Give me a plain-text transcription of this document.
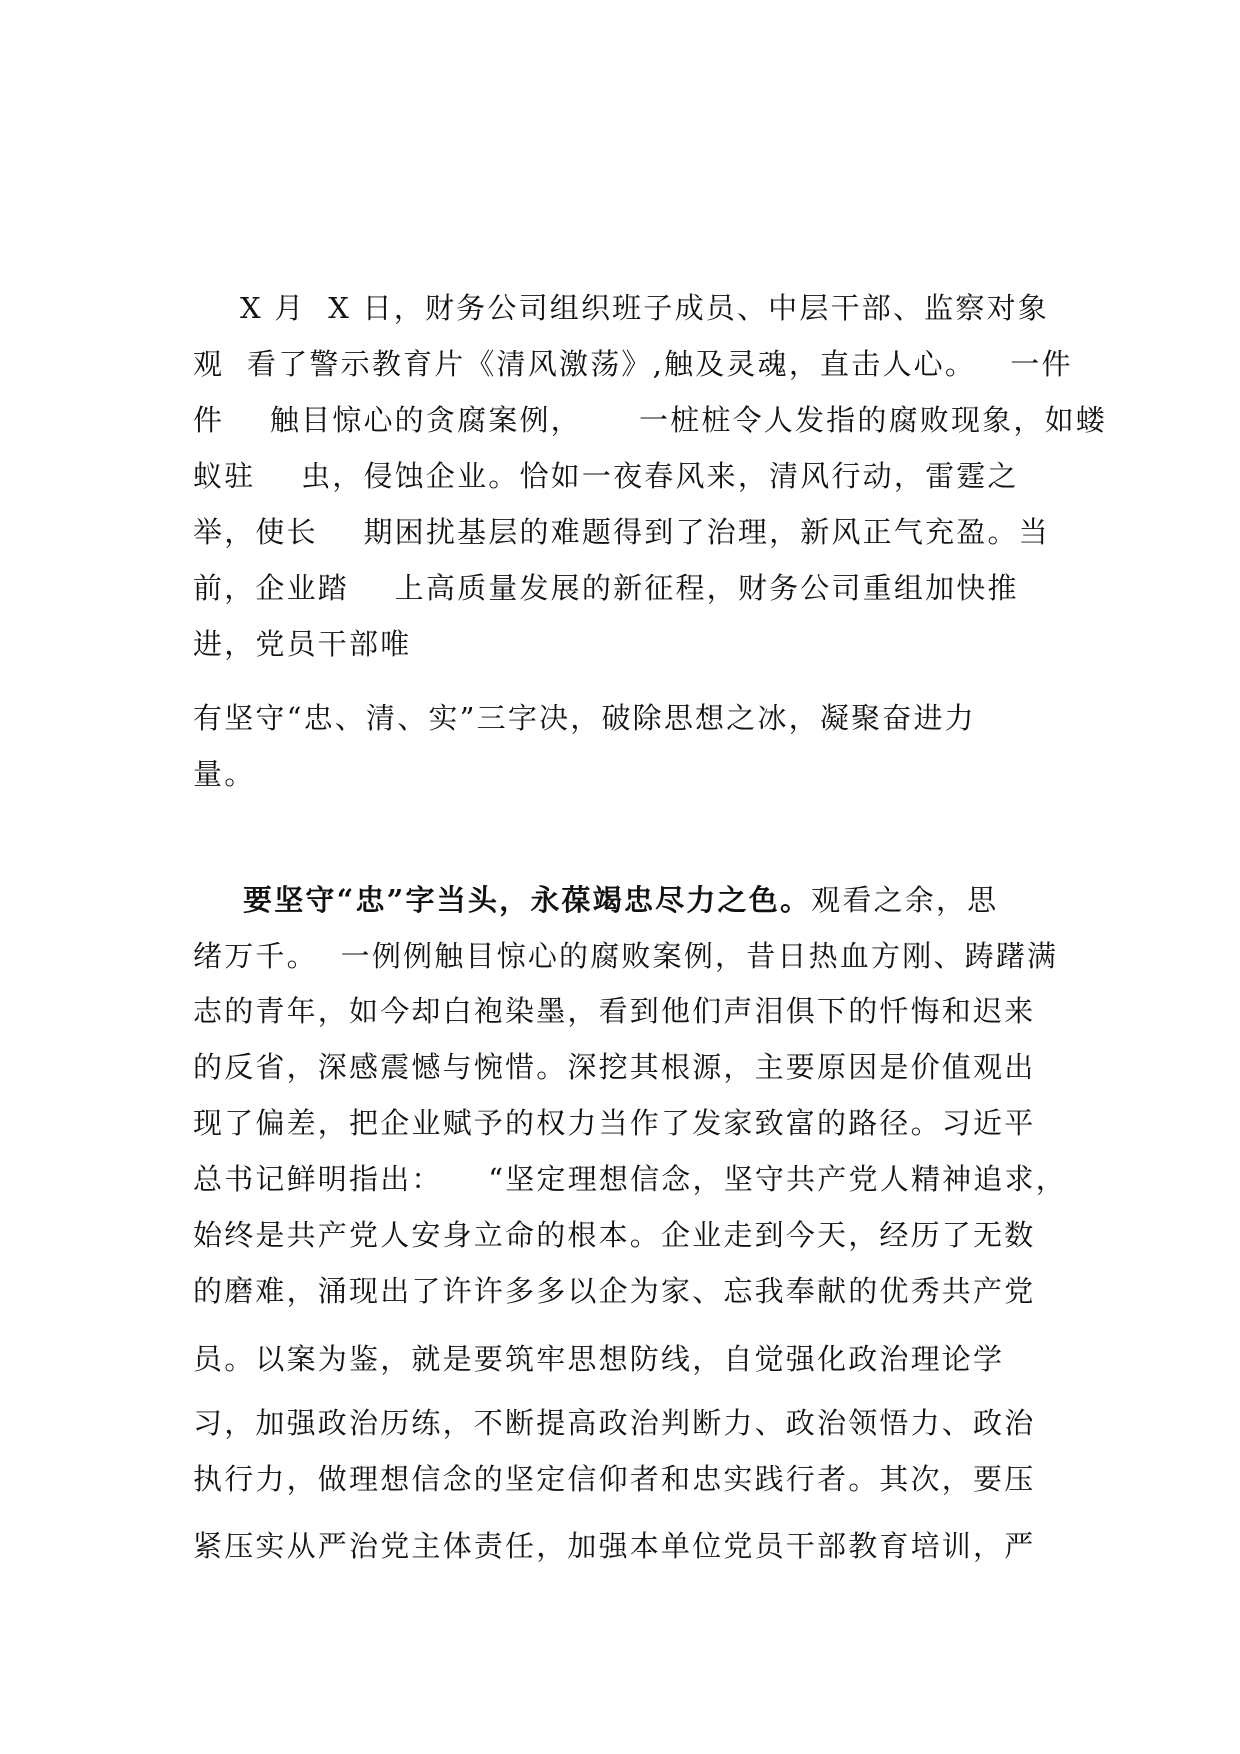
X 月  X 日，财务公司组织班子成员、中层干部、监察对象
观  看了警示教育片《清风激荡》,触及灵魂，直击人心。   一件
件    触目惊心的贪腐案例，     一桩桩令人发指的腐败现象，如蝼
蚁驻    虫，侵蚀企业。恰如一夜春风来，清风行动，雷霆之
举，使长    期困扰基层的难题得到了治理，新风正气充盈。当
前，企业踏    上高质量发展的新征程，财务公司重组加快推
进，党员干部唯
有坚守“忠、清、实”三字决，破除思想之冰，凝聚奋进力
量。
要坚守“忠”字当头，永葆竭忠尽力之色。观看之余，思
绪万千。  一例例触目惊心的腐败案例，昔日热血方刚、踌躇满
志的青年，如今却白袍染墨，看到他们声泪俱下的忏悔和迟来
的反省，深感震憾与惋惜。深挖其根源，主要原因是价值观出
现了偏差，把企业赋予的权力当作了发家致富的路径。习近平
总书记鲜明指出：    “坚定理想信念，坚守共产党人精神追求，
始终是共产党人安身立命的根本。企业走到今天，经历了无数
的磨难，涌现出了许许多多以企为家、忘我奉献的优秀共产党
员。以案为鉴，就是要筑牢思想防线，自觉强化政治理论学
习，加强政治历练，不断提高政治判断力、政治领悟力、政治
执行力，做理想信念的坚定信仰者和忠实践行者。其次，要压
紧压实从严治党主体责任，加强本单位党员干部教育培训，严
